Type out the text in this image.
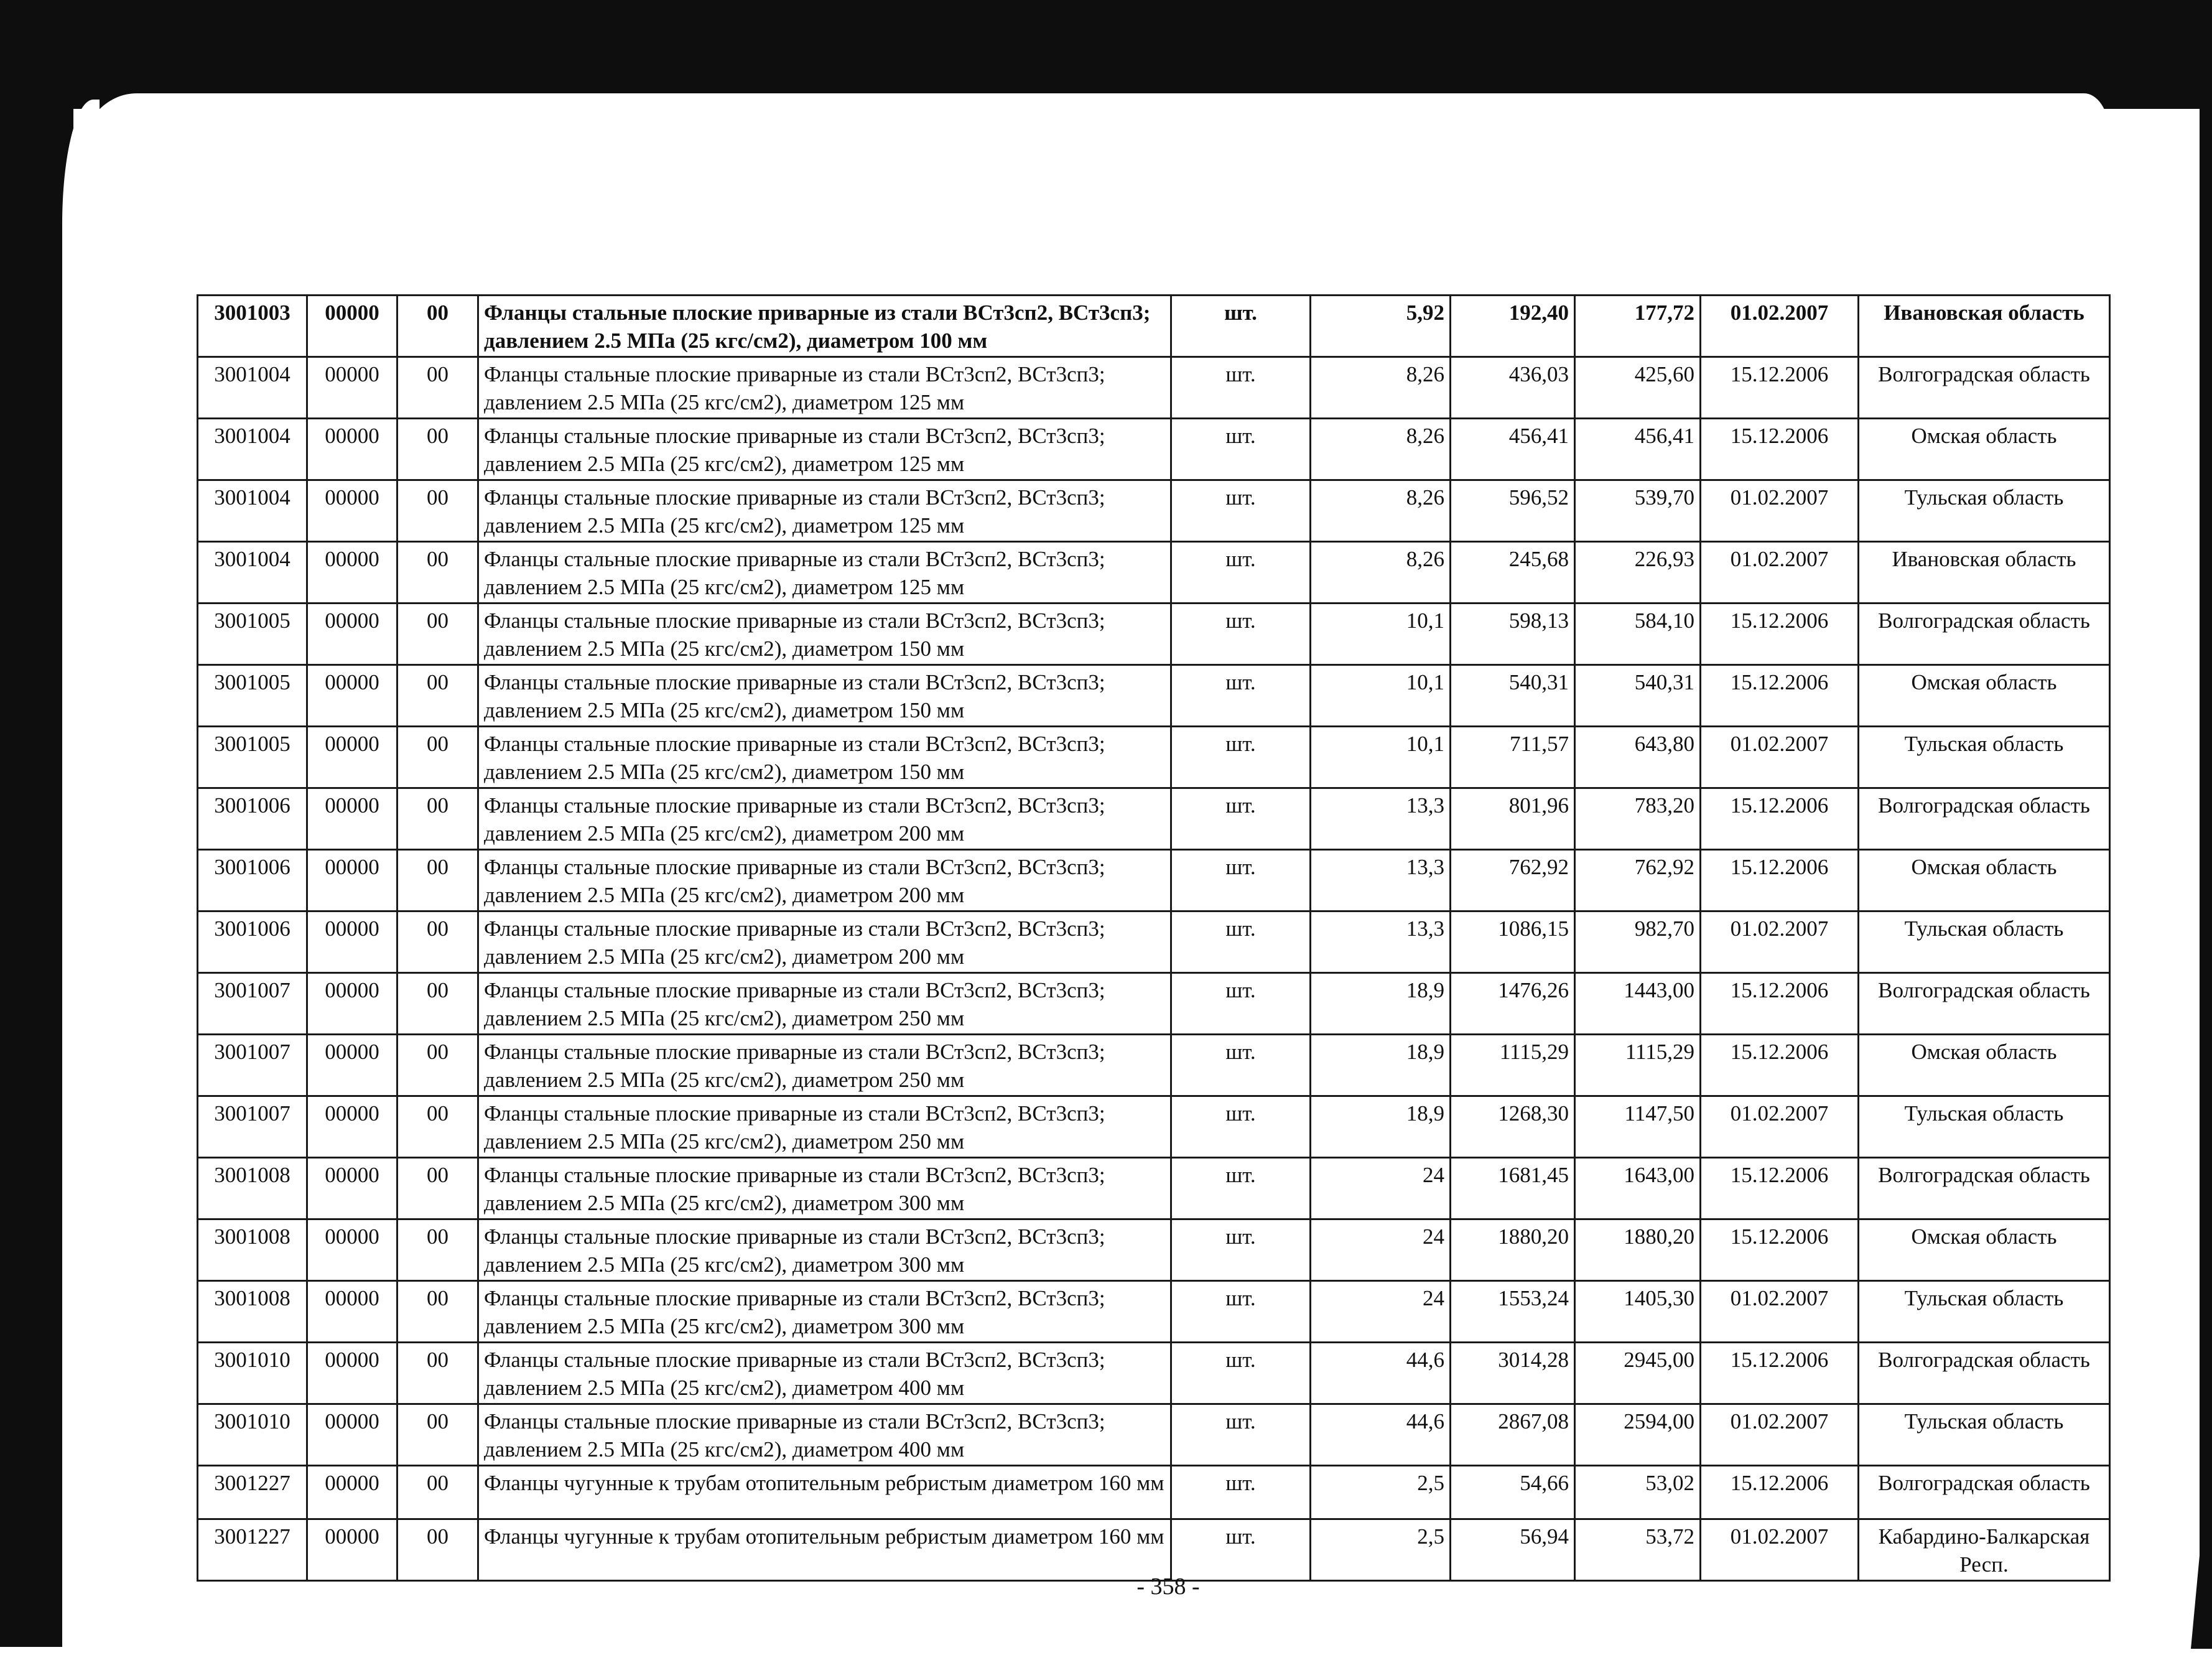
3001003	00000	00	Фланцы стальные плоские приварные из стали ВСт3сп2, ВСт3сп3; давлением 2.5 МПа (25 кгс/см2), диаметром 100 мм	шт.	5,92	192,40	177,72	01.02.2007	Ивановская область
3001004	00000	00	Фланцы стальные плоские приварные из стали ВСт3сп2, ВСт3сп3; давлением 2.5 МПа (25 кгс/см2), диаметром 125 мм	шт.	8,26	436,03	425,60	15.12.2006	Волгоградская область
3001004	00000	00	Фланцы стальные плоские приварные из стали ВСт3сп2, ВСт3сп3; давлением 2.5 МПа (25 кгс/см2), диаметром 125 мм	шт.	8,26	456,41	456,41	15.12.2006	Омская область
3001004	00000	00	Фланцы стальные плоские приварные из стали ВСт3сп2, ВСт3сп3; давлением 2.5 МПа (25 кгс/см2), диаметром 125 мм	шт.	8,26	596,52	539,70	01.02.2007	Тульская область
3001004	00000	00	Фланцы стальные плоские приварные из стали ВСт3сп2, ВСт3сп3; давлением 2.5 МПа (25 кгс/см2), диаметром 125 мм	шт.	8,26	245,68	226,93	01.02.2007	Ивановская область
3001005	00000	00	Фланцы стальные плоские приварные из стали ВСт3сп2, ВСт3сп3; давлением 2.5 МПа (25 кгс/см2), диаметром 150 мм	шт.	10,1	598,13	584,10	15.12.2006	Волгоградская область
3001005	00000	00	Фланцы стальные плоские приварные из стали ВСт3сп2, ВСт3сп3; давлением 2.5 МПа (25 кгс/см2), диаметром 150 мм	шт.	10,1	540,31	540,31	15.12.2006	Омская область
3001005	00000	00	Фланцы стальные плоские приварные из стали ВСт3сп2, ВСт3сп3; давлением 2.5 МПа (25 кгс/см2), диаметром 150 мм	шт.	10,1	711,57	643,80	01.02.2007	Тульская область
3001006	00000	00	Фланцы стальные плоские приварные из стали ВСт3сп2, ВСт3сп3; давлением 2.5 МПа (25 кгс/см2), диаметром 200 мм	шт.	13,3	801,96	783,20	15.12.2006	Волгоградская область
3001006	00000	00	Фланцы стальные плоские приварные из стали ВСт3сп2, ВСт3сп3; давлением 2.5 МПа (25 кгс/см2), диаметром 200 мм	шт.	13,3	762,92	762,92	15.12.2006	Омская область
3001006	00000	00	Фланцы стальные плоские приварные из стали ВСт3сп2, ВСт3сп3; давлением 2.5 МПа (25 кгс/см2), диаметром 200 мм	шт.	13,3	1086,15	982,70	01.02.2007	Тульская область
3001007	00000	00	Фланцы стальные плоские приварные из стали ВСт3сп2, ВСт3сп3; давлением 2.5 МПа (25 кгс/см2), диаметром 250 мм	шт.	18,9	1476,26	1443,00	15.12.2006	Волгоградская область
3001007	00000	00	Фланцы стальные плоские приварные из стали ВСт3сп2, ВСт3сп3; давлением 2.5 МПа (25 кгс/см2), диаметром 250 мм	шт.	18,9	1115,29	1115,29	15.12.2006	Омская область
3001007	00000	00	Фланцы стальные плоские приварные из стали ВСт3сп2, ВСт3сп3; давлением 2.5 МПа (25 кгс/см2), диаметром 250 мм	шт.	18,9	1268,30	1147,50	01.02.2007	Тульская область
3001008	00000	00	Фланцы стальные плоские приварные из стали ВСт3сп2, ВСт3сп3; давлением 2.5 МПа (25 кгс/см2), диаметром 300 мм	шт.	24	1681,45	1643,00	15.12.2006	Волгоградская область
3001008	00000	00	Фланцы стальные плоские приварные из стали ВСт3сп2, ВСт3сп3; давлением 2.5 МПа (25 кгс/см2), диаметром 300 мм	шт.	24	1880,20	1880,20	15.12.2006	Омская область
3001008	00000	00	Фланцы стальные плоские приварные из стали ВСт3сп2, ВСт3сп3; давлением 2.5 МПа (25 кгс/см2), диаметром 300 мм	шт.	24	1553,24	1405,30	01.02.2007	Тульская область
3001010	00000	00	Фланцы стальные плоские приварные из стали ВСт3сп2, ВСт3сп3; давлением 2.5 МПа (25 кгс/см2), диаметром 400 мм	шт.	44,6	3014,28	2945,00	15.12.2006	Волгоградская область
3001010	00000	00	Фланцы стальные плоские приварные из стали ВСт3сп2, ВСт3сп3; давлением 2.5 МПа (25 кгс/см2), диаметром 400 мм	шт.	44,6	2867,08	2594,00	01.02.2007	Тульская область
3001227	00000	00	Фланцы чугунные к трубам отопительным ребристым диаметром 160 мм	шт.	2,5	54,66	53,02	15.12.2006	Волгоградская область
3001227	00000	00	Фланцы чугунные к трубам отопительным ребристым диаметром 160 мм	шт.	2,5	56,94	53,72	01.02.2007	Кабардино-Балкарская Респ.
- 358 -
